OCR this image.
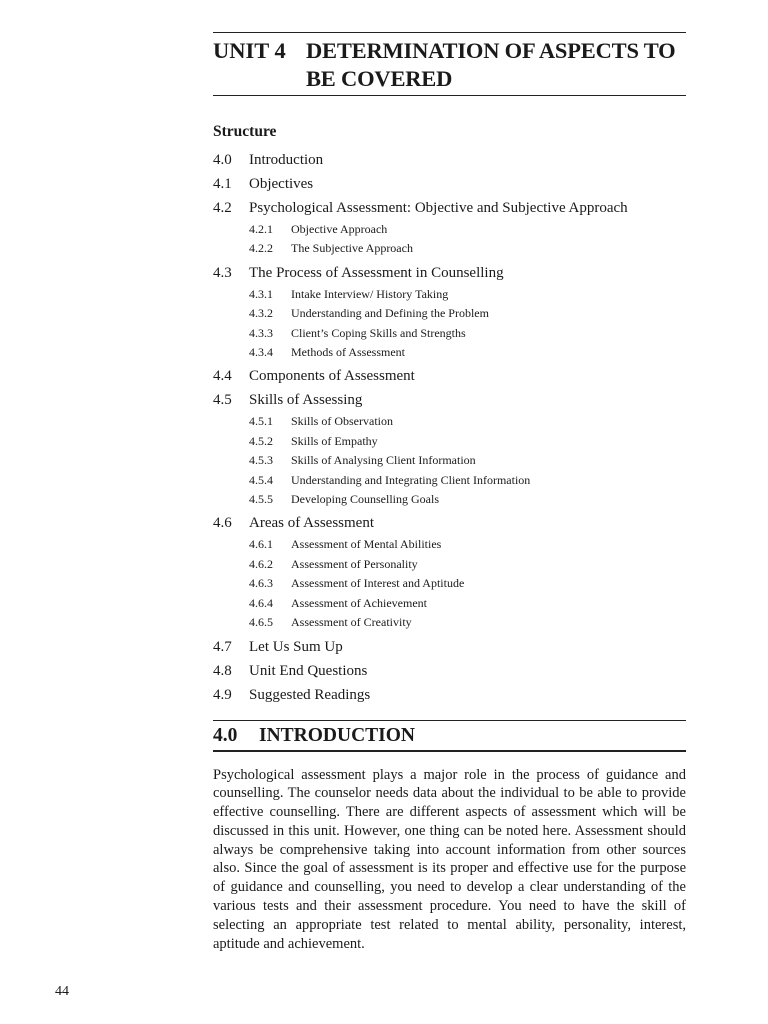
UNIT 4 DETERMINATION OF ASPECTS TO BE COVERED
Structure
4.0	Introduction
4.1	Objectives
4.2	Psychological Assessment: Objective and Subjective Approach
4.2.1	Objective Approach
4.2.2	The Subjective Approach
4.3	The Process of Assessment in Counselling
4.3.1	Intake Interview/ History Taking
4.3.2	Understanding and Defining the Problem
4.3.3	Client’s Coping Skills and Strengths
4.3.4	Methods of Assessment
4.4	Components of Assessment
4.5	Skills of Assessing
4.5.1	Skills of Observation
4.5.2	Skills of Empathy
4.5.3	Skills of Analysing Client Information
4.5.4	Understanding and Integrating Client Information
4.5.5	Developing Counselling Goals
4.6	Areas of Assessment
4.6.1	Assessment of Mental Abilities
4.6.2	Assessment of Personality
4.6.3	Assessment of Interest and Aptitude
4.6.4	Assessment of Achievement
4.6.5	Assessment of Creativity
4.7	Let Us Sum Up
4.8	Unit End Questions
4.9	Suggested Readings
4.0	INTRODUCTION

Psychological assessment plays a major role in the process of guidance and counselling. The counselor needs data about the individual to be able to provide effective counselling. There are different aspects of assessment which will be discussed in this unit. However, one thing can be noted here. Assessment should always be comprehensive taking into account information from other sources also. Since the goal of assessment is its proper and effective use for the purpose of guidance and counselling, you need to develop a clear understanding of the various tests and their assessment procedure. You need to have the skill of selecting an appropriate test related to mental ability, personality, interest, aptitude and achievement.

44
